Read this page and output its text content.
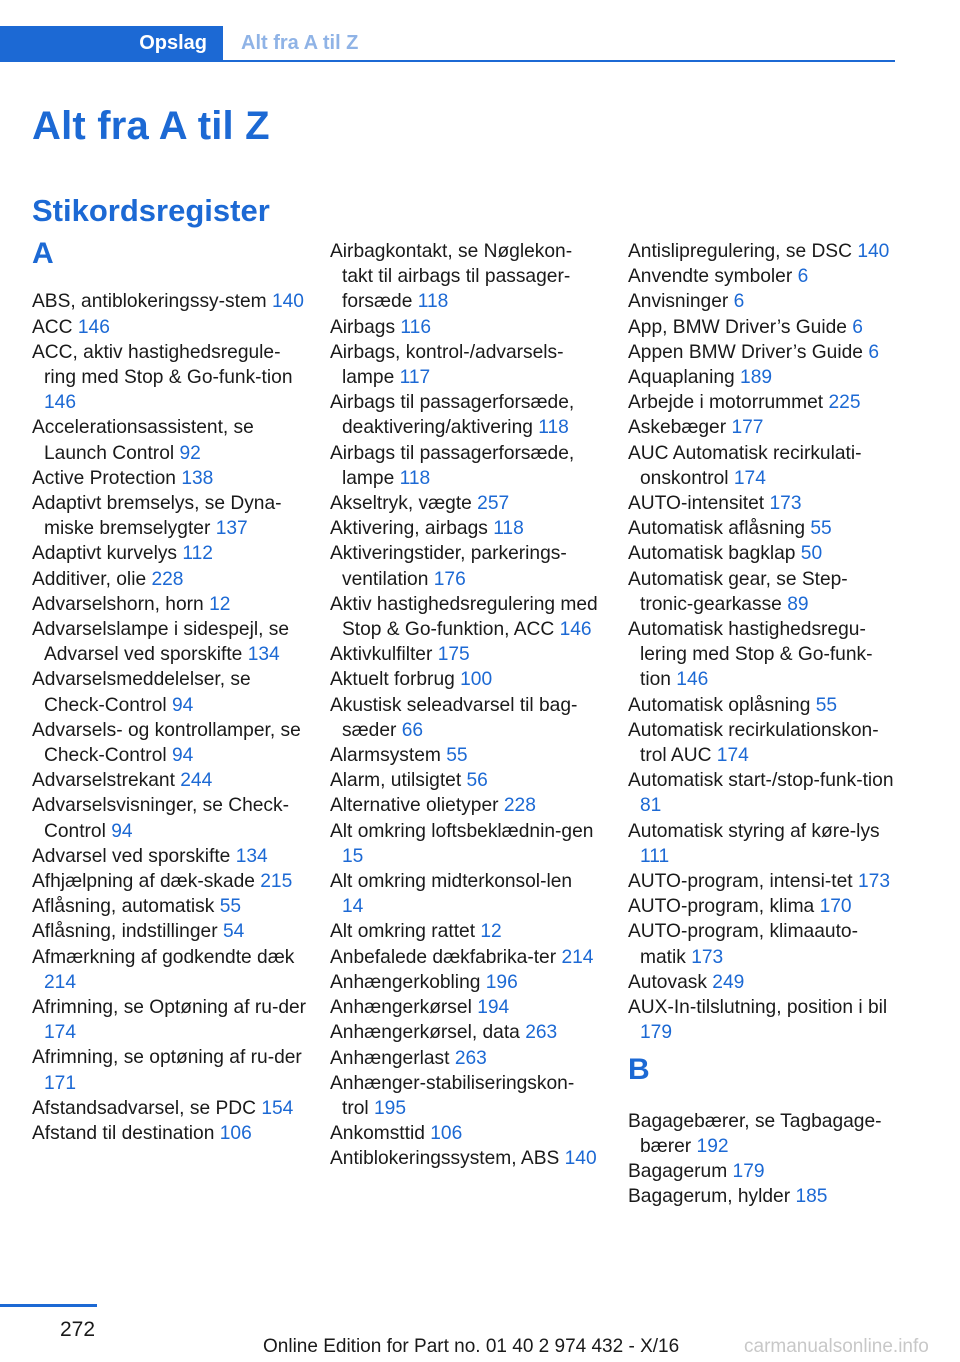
Opslag	Alt fra A til Z
Alt fra A til Z
Stikordsregister
A
ABS, antiblokeringssy-stem 140
ACC 146
ACC, aktiv hastighedsregule-ring med Stop & Go-funk-tion 146
Accelerationsassistent, se Launch Control 92
Active Protection 138
Adaptivt bremselys, se Dyna-miske bremselygter 137
Adaptivt kurvelys 112
Additiver, olie 228
Advarselshorn, horn 12
Advarselslampe i sidespejl, se Advarsel ved sporskifte 134
Advarselsmeddelelser, se Check-Control 94
Advarsels- og kontrollamper, se Check-Control 94
Advarselstrekant 244
Advarselsvisninger, se Check-Control 94
Advarsel ved sporskifte 134
Afhjælpning af dæk-skade 215
Aflåsning, automatisk 55
Aflåsning, indstillinger 54
Afmærkning af godkendte dæk 214
Afrimning, se Optøning af ru-der 174
Afrimning, se optøning af ru-der 171
Afstandsadvarsel, se PDC 154
Afstand til destination 106
Airbagkontakt, se Nøglekon-takt til airbags til passager-forsæde 118
Airbags 116
Airbags, kontrol-/advarsels-lampe 117
Airbags til passagerforsæde, deaktivering/aktivering 118
Airbags til passagerforsæde, lampe 118
Akseltryk, vægte 257
Aktivering, airbags 118
Aktiveringstider, parkerings-ventilation 176
Aktiv hastighedsregulering med Stop & Go-funktion, ACC 146
Aktivkulfilter 175
Aktuelt forbrug 100
Akustisk seleadvarsel til bag-sæder 66
Alarmsystem 55
Alarm, utilsigtet 56
Alternative olietyper 228
Alt omkring loftsbeklædnin-gen 15
Alt omkring midterkonsol-len 14
Alt omkring rattet 12
Anbefalede dækfabrika-ter 214
Anhængerkobling 196
Anhængerkørsel 194
Anhængerkørsel, data 263
Anhængerlast 263
Anhænger-stabiliseringskon-trol 195
Ankomsttid 106
Antiblokeringssystem, ABS 140
Antislipregulering, se DSC 140
Anvendte symboler 6
Anvisninger 6
App, BMW Driver’s Guide 6
Appen BMW Driver’s Guide 6
Aquaplaning 189
Arbejde i motorrummet 225
Askebæger 177
AUC Automatisk recirkulati-onskontrol 174
AUTO-intensitet 173
Automatisk aflåsning 55
Automatisk bagklap 50
Automatisk gear, se Step-tronic-gearkasse 89
Automatisk hastighedsregu-lering med Stop & Go-funk-tion 146
Automatisk oplåsning 55
Automatisk recirkulationskon-trol AUC 174
Automatisk start-/stop-funk-tion 81
Automatisk styring af køre-lys 111
AUTO-program, intensi-tet 173
AUTO-program, klima 170
AUTO-program, klimaauto-matik 173
Autovask 249
AUX-In-tilslutning, position i bil 179
B
Bagagebærer, se Tagbagage-bærer 192
Bagagerum 179
Bagagerum, hylder 185
272
Online Edition for Part no. 01 40 2 974 432 - X/16	carmanualsonline.info
